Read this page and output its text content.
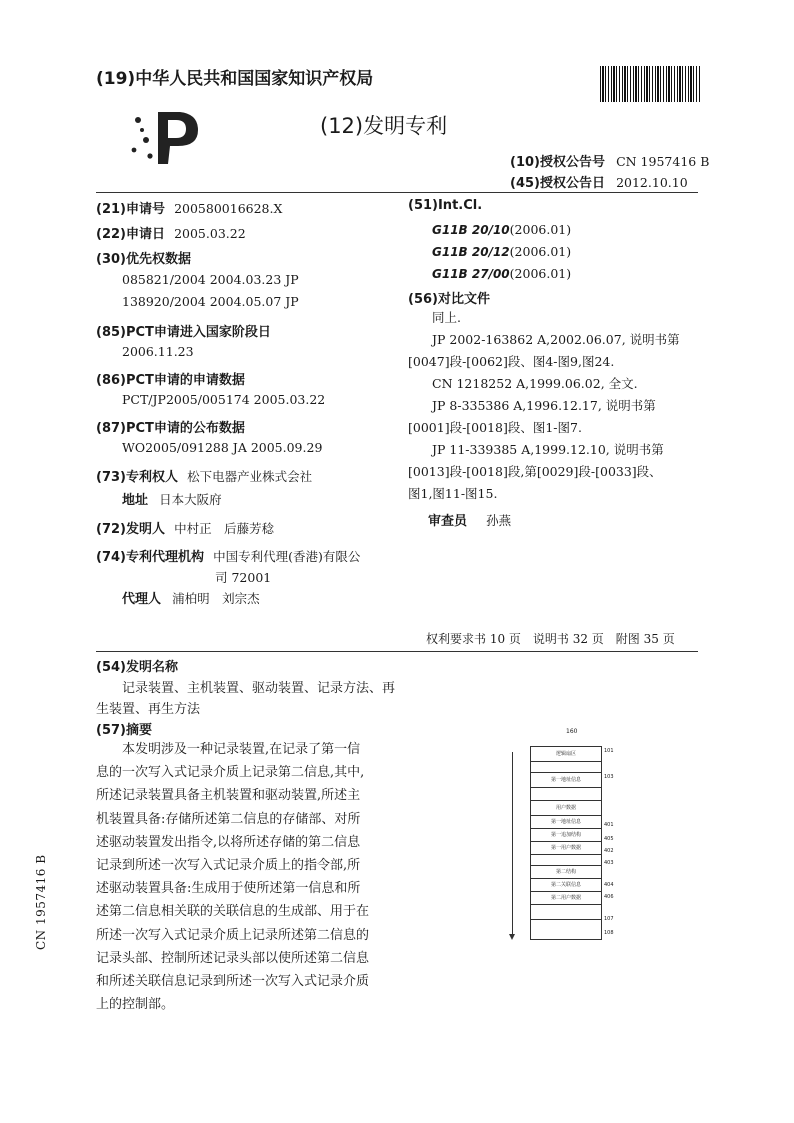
(19)中华人民共和国国家知识产权局
(12)发明专利
(10)授权公告号 CN 1957416 B
(45)授权公告日 2012.10.10
(21)申请号 200580016628.X
(22)申请日 2005.03.22
(30)优先权数据
085821/2004 2004.03.23 JP
138920/2004 2004.05.07 JP
(85)PCT申请进入国家阶段日
2006.11.23
(86)PCT申请的申请数据
PCT/JP2005/005174 2005.03.22
(87)PCT申请的公布数据
WO2005/091288 JA 2005.09.29
(73)专利权人 松下电器产业株式会社
地址 日本大阪府
(72)发明人 中村正　后藤芳稔
(74)专利代理机构 中国专利代理(香港)有限公
司 72001
代理人 浦柏明　刘宗杰
(51)Int.Cl.
G11B 20/10(2006.01)
G11B 20/12(2006.01)
G11B 27/00(2006.01)
(56)对比文件
同上.
JP 2002-163862 A,2002.06.07, 说明书第
[0047]段-[0062]段、图4-图9,图24.
CN 1218252 A,1999.06.02, 全文.
JP 8-335386 A,1996.12.17, 说明书第
[0001]段-[0018]段、图1-图7.
JP 11-339385 A,1999.12.10, 说明书第
[0013]段-[0018]段,第[0029]段-[0033]段、
图1,图11-图15.
审查员 孙燕
权利要求书 10 页　说明书 32 页　附图 35 页
(54)发明名称
记录装置、主机装置、驱动装置、记录方法、再
生装置、再生方法
(57)摘要
　　本发明涉及一种记录装置,在记录了第一信
息的一次写入式记录介质上记录第二信息,其中,
所述记录装置具备主机装置和驱动装置,所述主
机装置具备:存储所述第二信息的存储部、对所
述驱动装置发出指令,以将所述存储的第二信息
记录到所述一次写入式记录介质上的指令部,所
述驱动装置具备:生成用于使所述第一信息和所
述第二信息相关联的关联信息的生成部、用于在
所述一次写入式记录介质上记录所述第二信息的
记录头部、控制所述记录头部以使所述第二信息
和所述关联信息记录到所述一次写入式记录介质
上的控制部。
CN 1957416 B
160
逻辑扇区
第一地址信息
用户数据
第一地址信息
第一追加结构
第一用户数据
第二结构
第二关联信息
第二用户数据
101
103
401
405
402
403
404
406
107
108
